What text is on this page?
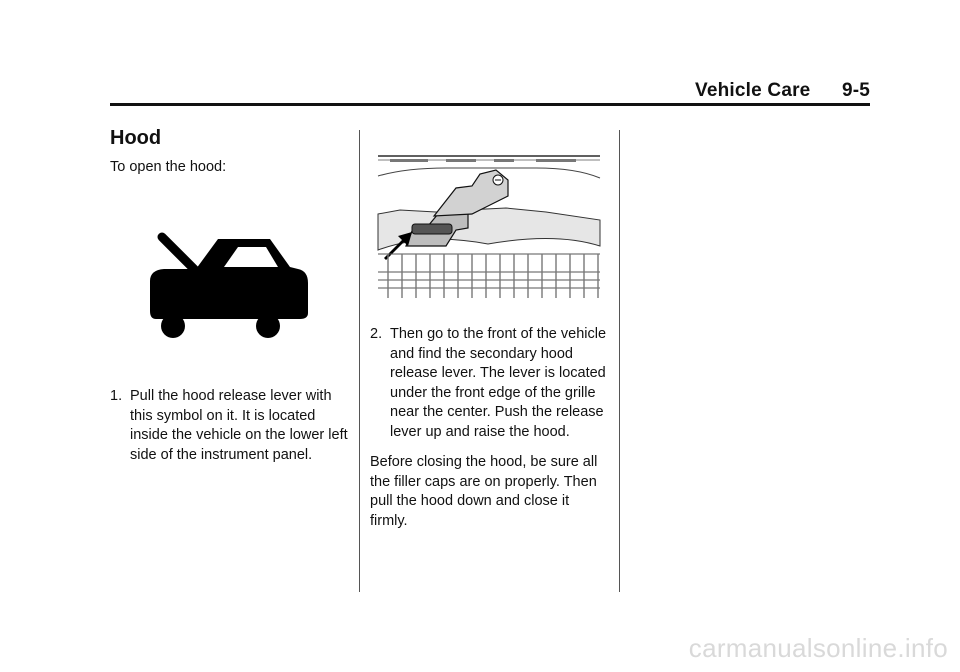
Vehicle Care 9-5
Hood
To open the hood:
1. Pull the hood release lever with this symbol on it. It is located inside the vehicle on the lower left side of the instrument panel.
2. Then go to the front of the vehicle and find the secondary hood release lever. The lever is located under the front edge of the grille near the center. Push the release lever up and raise the hood.
Before closing the hood, be sure all the filler caps are on properly. Then pull the hood down and close it firmly.
carmanualsonline.info
